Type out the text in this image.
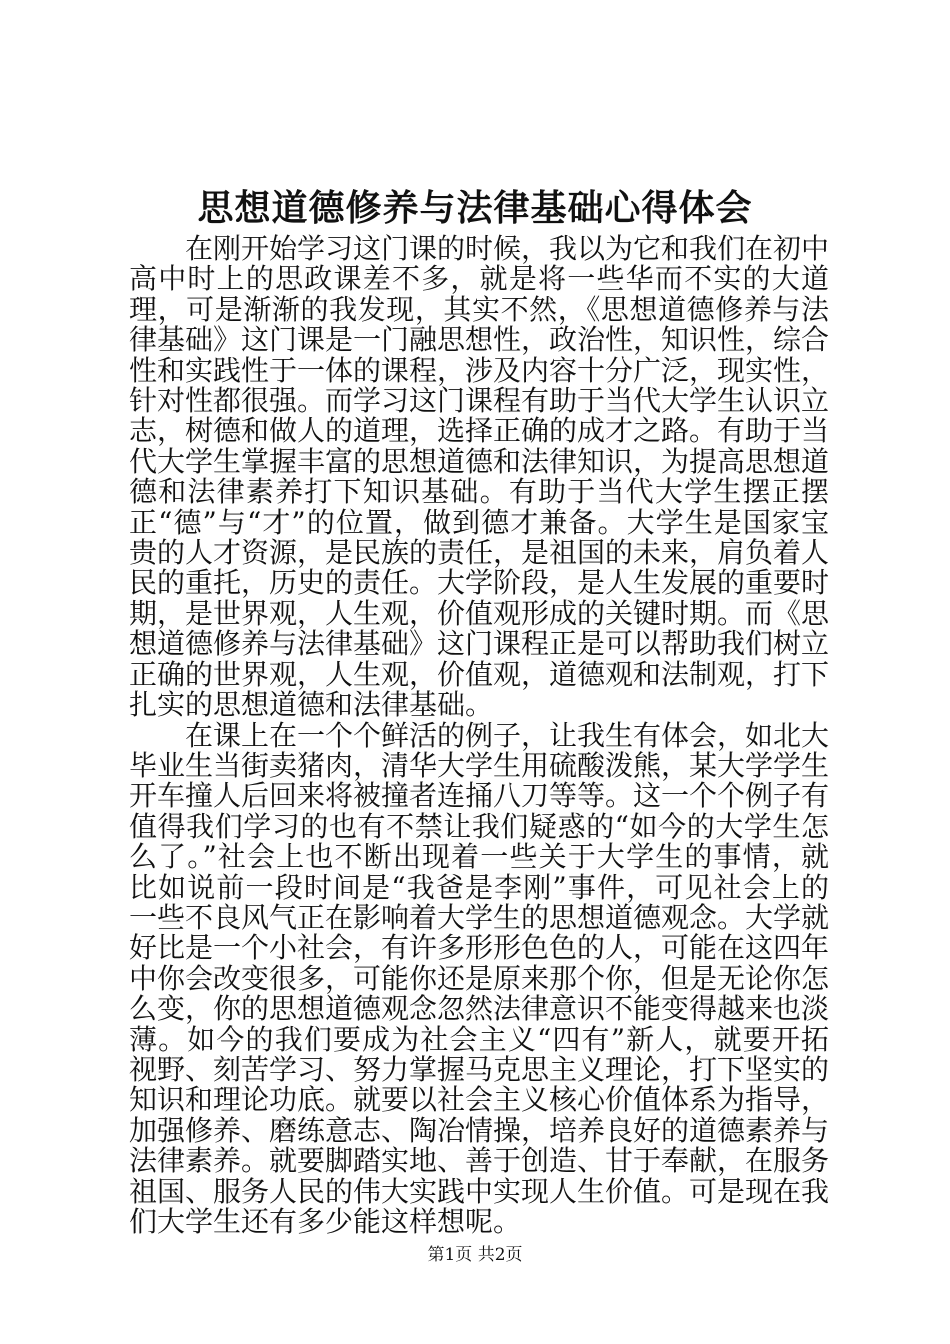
思想道德修养与法律基础心得体会

在刚开始学习这门课的时候，我以为它和我们在初中高中时上的思政课差不多，就是将一些华而不实的大道理，可是渐渐的我发现，其实不然，《思想道德修养与法律基础》这门课是一门融思想性，政治性，知识性，综合性和实践性于一体的课程，涉及内容十分广泛，现实性，针对性都很强。而学习这门课程有助于当代大学生认识立志，树德和做人的道理，选择正确的成才之路。有助于当代大学生掌握丰富的思想道德和法律知识，为提高思想道德和法律素养打下知识基础。有助于当代大学生摆正摆正“德”与“才”的位置，做到德才兼备。大学生是国家宝贵的人才资源，是民族的责任，是祖国的未来，肩负着人民的重托，历史的责任。大学阶段，是人生发展的重要时期，是世界观，人生观，价值观形成的关键时期。而《思想道德修养与法律基础》这门课程正是可以帮助我们树立正确的世界观，人生观，价值观，道德观和法制观，打下扎实的思想道德和法律基础。

在课上在一个个鲜活的例子，让我生有体会，如北大毕业生当街卖猪肉，清华大学生用硫酸泼熊，某大学学生开车撞人后回来将被撞者连捅八刀等等。这一个个例子有值得我们学习的也有不禁让我们疑惑的“如今的大学生怎么了。”社会上也不断出现着一些关于大学生的事情，就比如说前一段时间是“我爸是李刚”事件，可见社会上的一些不良风气正在影响着大学生的思想道德观念。大学就好比是一个小社会，有许多形形色色的人，可能在这四年中你会改变很多，可能你还是原来那个你，但是无论你怎么变，你的思想道德观念忽然法律意识不能变得越来也淡薄。如今的我们要成为社会主义“四有”新人，就要开拓视野、刻苦学习、努力掌握马克思主义理论，打下坚实的知识和理论功底。就要以社会主义核心价值体系为指导，加强修养、磨练意志、陶冶情操，培养良好的道德素养与法律素养。就要脚踏实地、善于创造、甘于奉献，在服务祖国、服务人民的伟大实践中实现人生价值。可是现在我们大学生还有多少能这样想呢。

第1页 共2页
